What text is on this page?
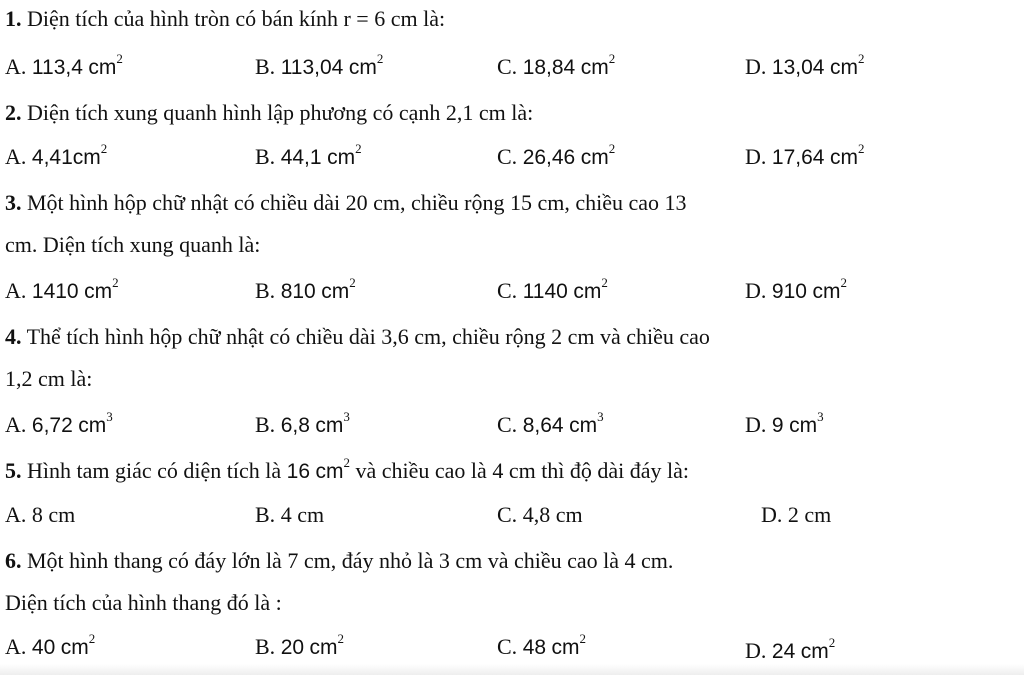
1. Diện tích của hình tròn có bán kính r = 6 cm là:
A. 113,4 $cm^2$	B. 113,04 $cm^2$	C. 18,84 $cm^2$	D. 13,04 $cm^2$
2. Diện tích xung quanh hình lập phương có cạnh 2,1 cm là:
A. $4,41cm^2$	B. 44,1 $cm^2$	C. 26,46 $cm^2$	D. 17,64 $cm^2$
3. Một hình hộp chữ nhật có chiều dài 20 cm, chiều rộng 15 cm, chiều cao 13
cm. Diện tích xung quanh là:
A. 1410 $cm^2$	B. 810 $cm^2$	C. 1140 $cm^2$	D. 910 $cm^2$
4. Thể tích hình hộp chữ nhật có chiều dài 3,6 cm, chiều rộng 2 cm và chiều cao
1,2 cm là:
A. 6,72 $cm^3$	B. 6,8 $cm^3$	C. 8,64 $cm^3$	D. 9 $cm^3$
5. Hình tam giác có diện tích là 16 $cm^2$ và chiều cao là 4 cm thì độ dài đáy là:
A. 8 cm	B. 4 cm	C. 4,8 cm	D. 2 cm
6. Một hình thang có đáy lớn là 7 cm, đáy nhỏ là 3 cm và chiều cao là 4 cm.
Diện tích của hình thang đó là :
A. 40 $cm^2$	B. 20 $cm^2$	C. 48 $cm^2$	D. 24 $cm^2$
